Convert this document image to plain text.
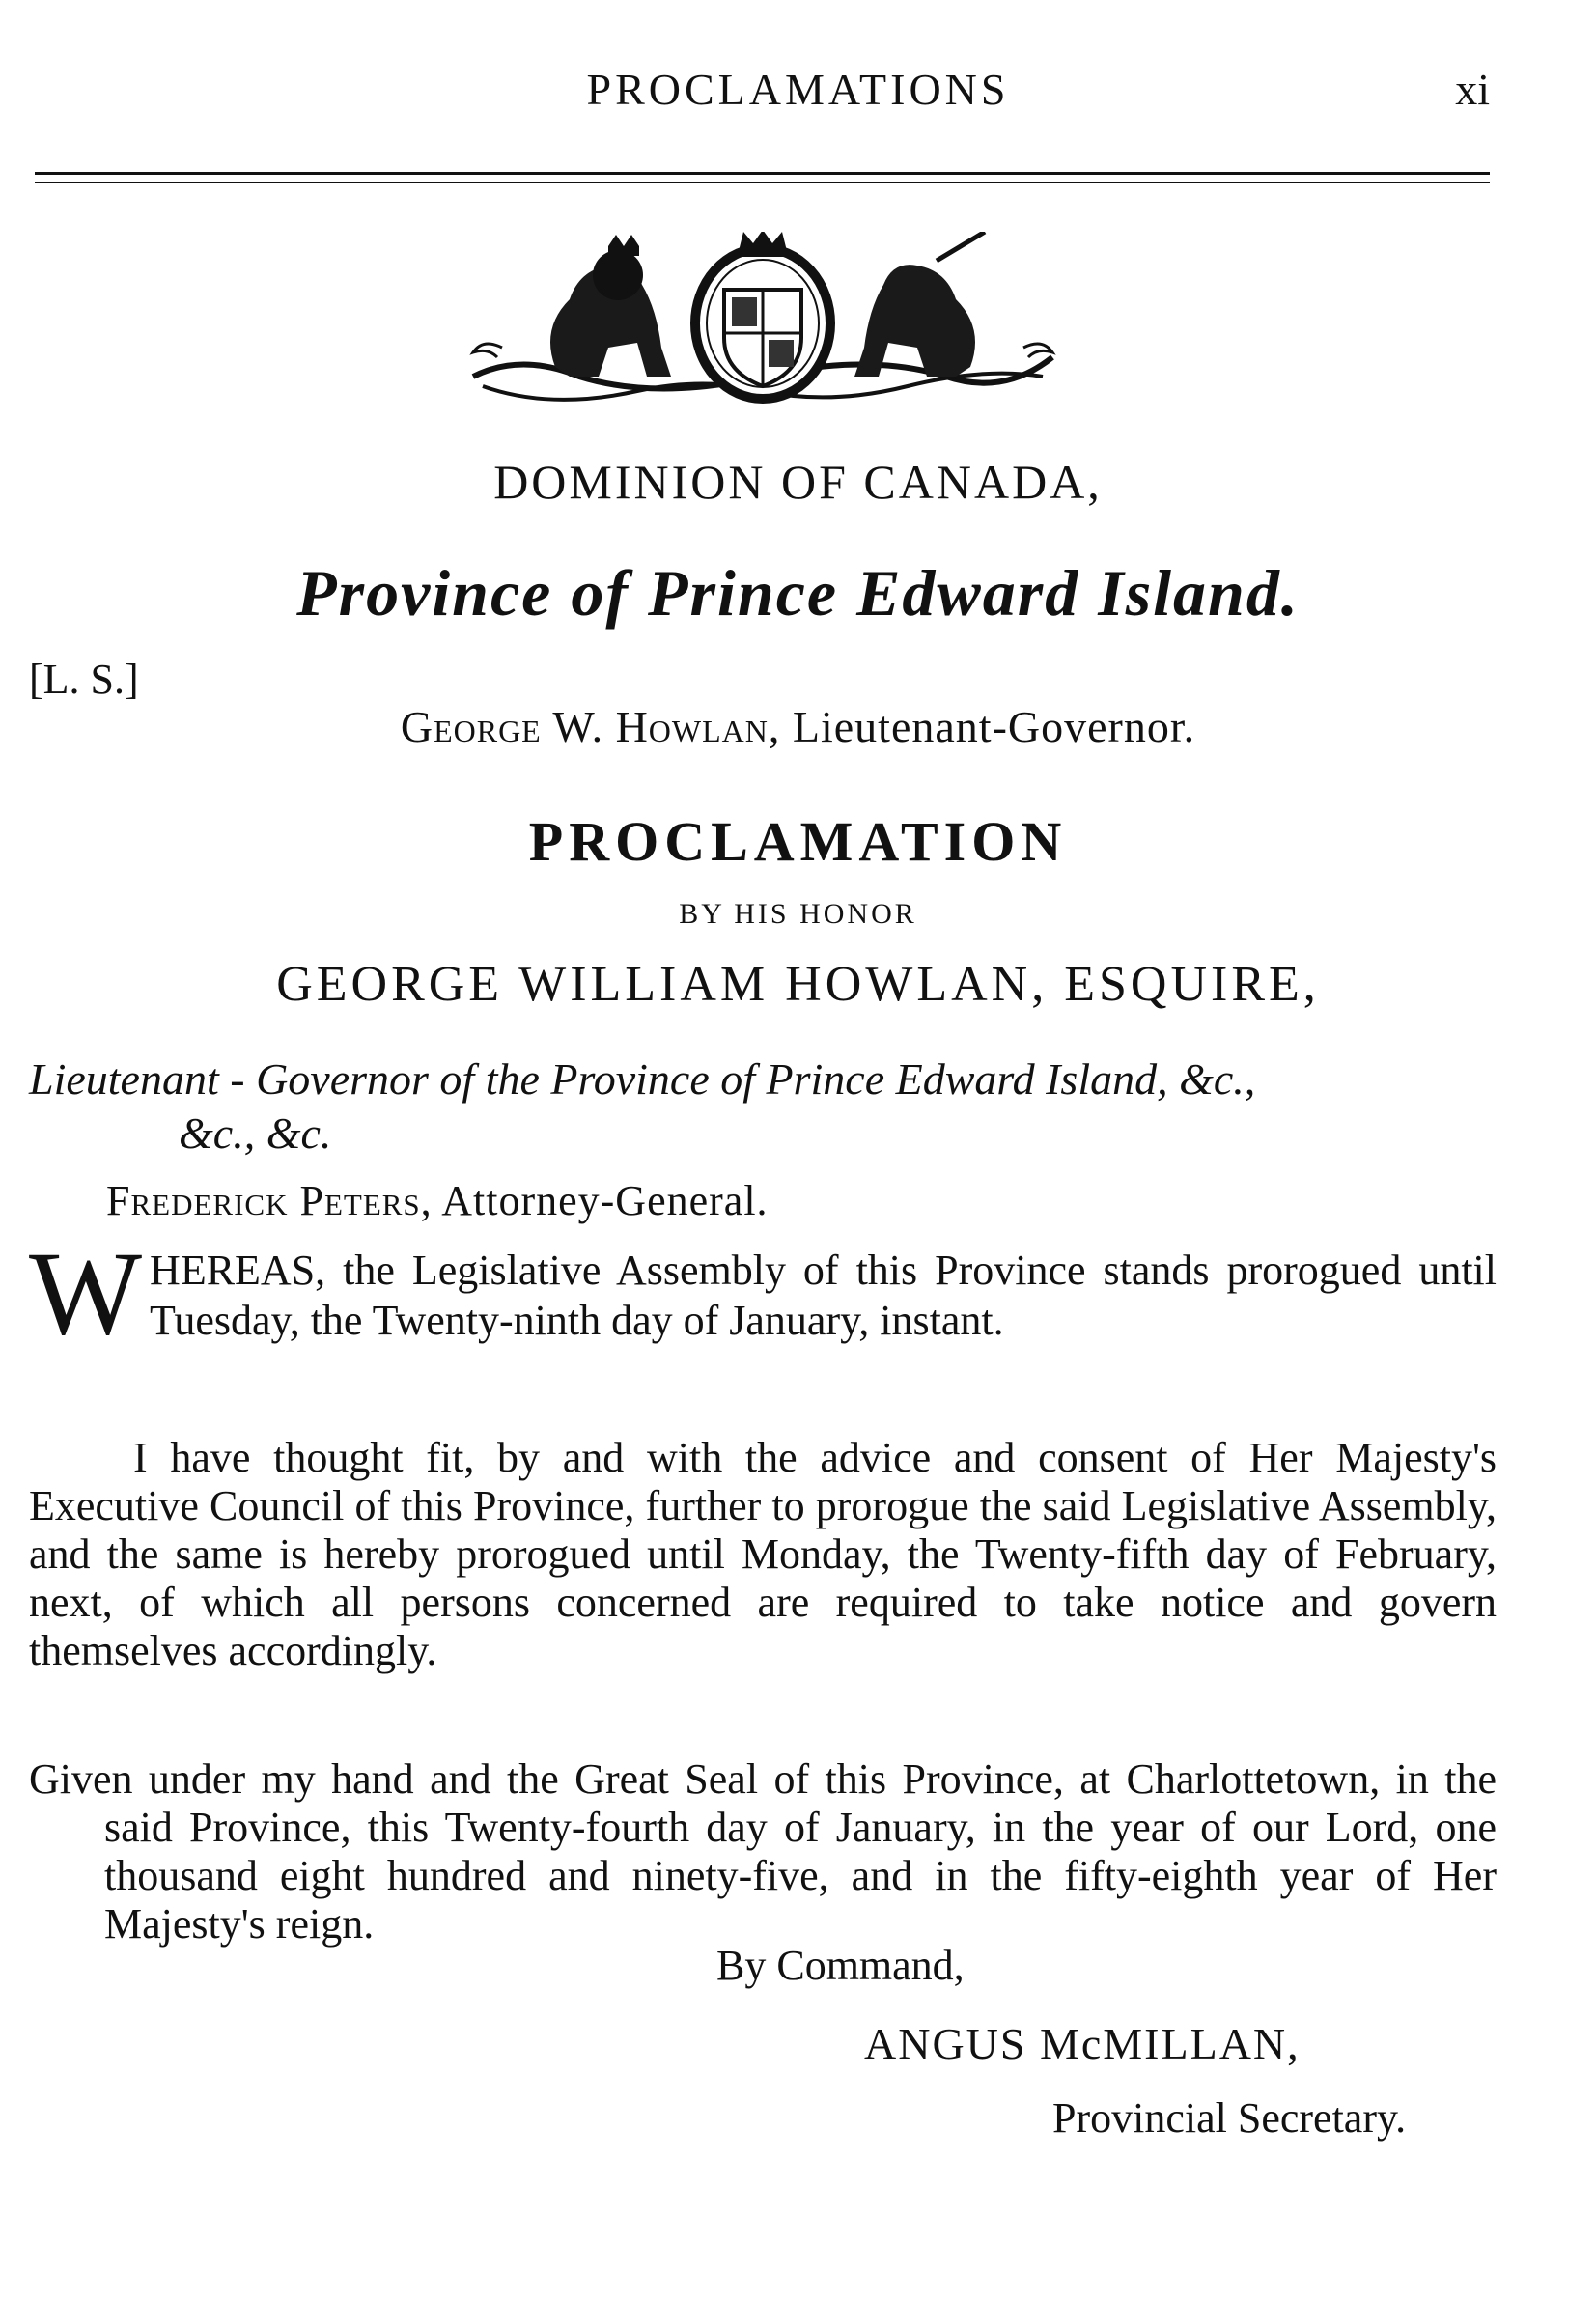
PROCLAMATIONS	xi
DOMINION OF CANADA,
Province of Prince Edward Island.
[L. S.]
George W. Howlan, Lieutenant-Governor.
PROCLAMATION
BY HIS HONOR
GEORGE WILLIAM HOWLAN, ESQUIRE,
Lieutenant - Governor of the Province of Prince Edward Island, &c.,
&c., &c.
Frederick Peters, Attorney-General.
WHEREAS, the Legislative Assembly of this Province stands prorogued until Tuesday, the Twenty-ninth day of January, instant.
I have thought fit, by and with the advice and consent of Her Majesty's Executive Council of this Province, further to prorogue the said Legislative Assembly, and the same is hereby prorogued until Monday, the Twenty-fifth day of February, next, of which all persons concerned are required to take notice and govern themselves accordingly.
Given under my hand and the Great Seal of this Province, at Charlottetown, in the said Province, this Twenty-fourth day of January, in the year of our Lord, one thousand eight hundred and ninety-five, and in the fifty-eighth year of Her Majesty's reign.
By Command,
ANGUS McMILLAN,
Provincial Secretary.
